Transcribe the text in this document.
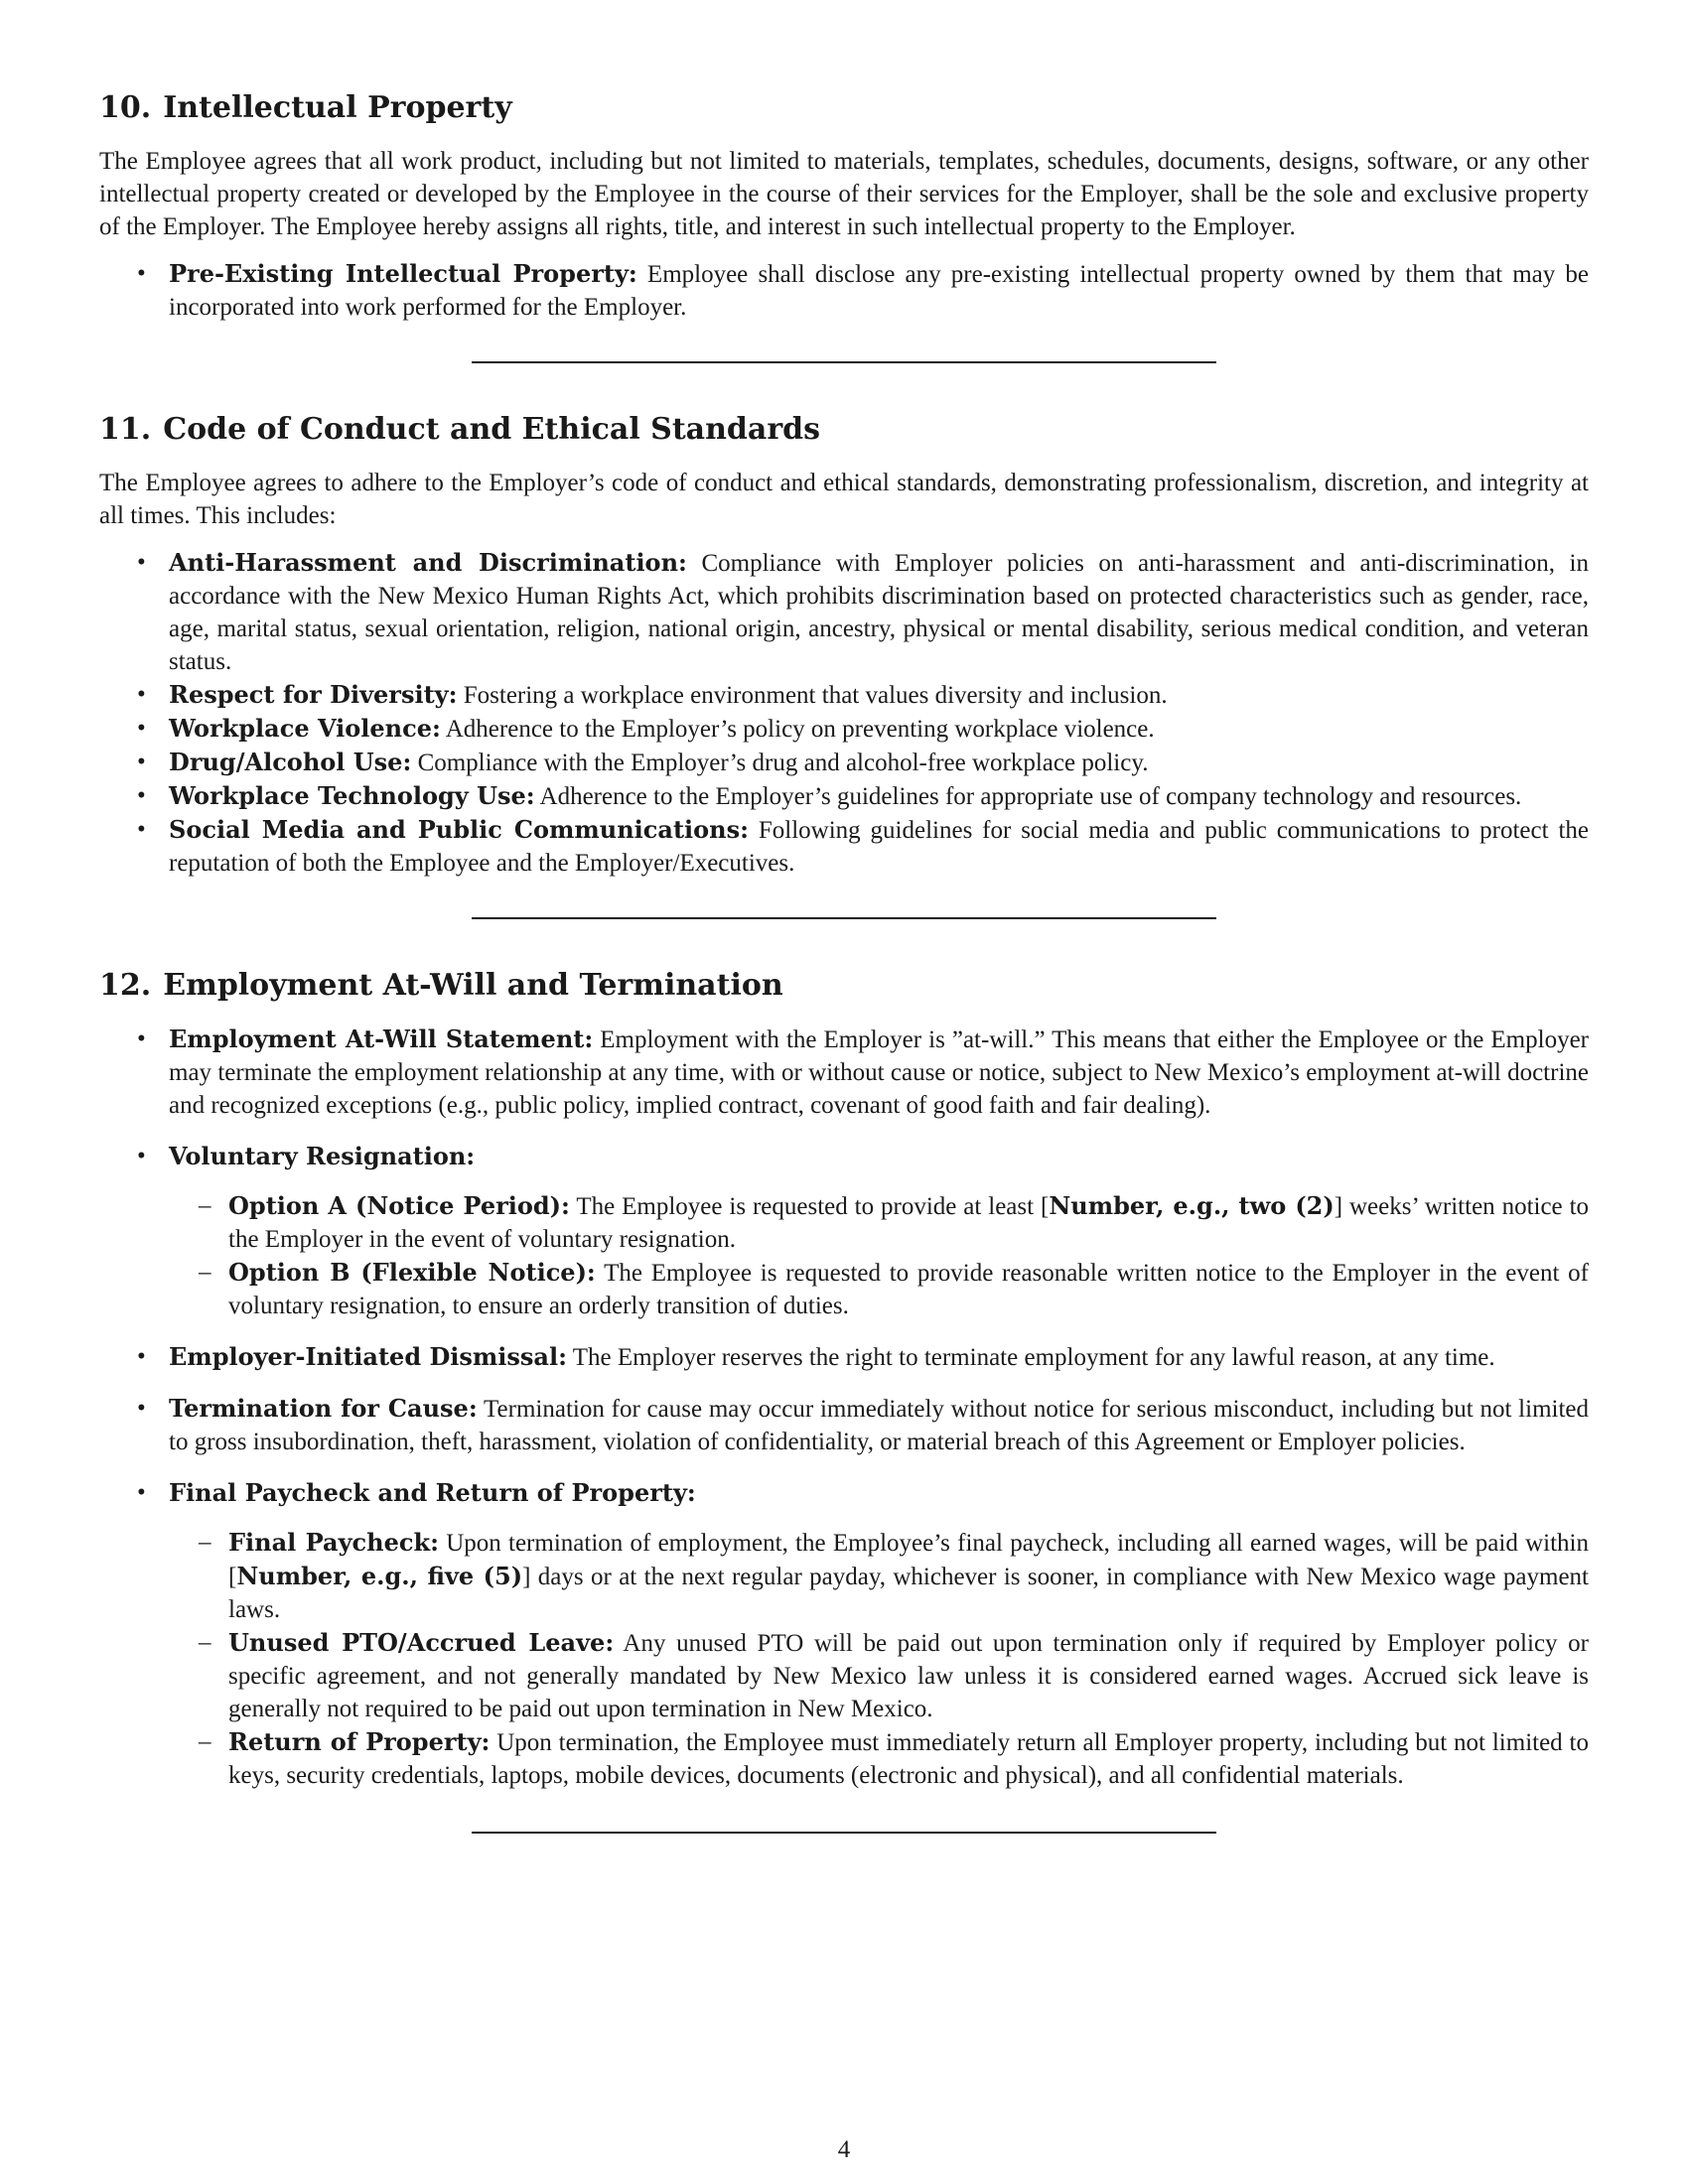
10. Intellectual Property

The Employee agrees that all work product, including but not limited to materials, templates, schedules, documents, designs, software, or any other intellectual property created or developed by the Employee in the course of their services for the Employer, shall be the sole and exclusive property of the Employer. The Employee hereby assigns all rights, title, and interest in such intellectual property to the Employer.

• Pre-Existing Intellectual Property: Employee shall disclose any pre-existing intellectual property owned by them that may be incorporated into work performed for the Employer.
11. Code of Conduct and Ethical Standards

The Employee agrees to adhere to the Employer’s code of conduct and ethical standards, demonstrating professionalism, discretion, and integrity at all times. This includes:

• Anti-Harassment and Discrimination: Compliance with Employer policies on anti-harassment and anti-discrimination, in accordance with the New Mexico Human Rights Act, which prohibits discrimination based on protected characteristics such as gender, race, age, marital status, sexual orientation, religion, national origin, ancestry, physical or mental disability, serious medical condition, and veteran status.
• Respect for Diversity: Fostering a workplace environment that values diversity and inclusion.
• Workplace Violence: Adherence to the Employer’s policy on preventing workplace violence.
• Drug/Alcohol Use: Compliance with the Employer’s drug and alcohol-free workplace policy.
• Workplace Technology Use: Adherence to the Employer’s guidelines for appropriate use of company technology and resources.
• Social Media and Public Communications: Following guidelines for social media and public communications to protect the reputation of both the Employee and the Employer/Executives.
12. Employment At-Will and Termination
• Employment At-Will Statement: Employment with the Employer is ”at-will.” This means that either the Employee or the Employer may terminate the employment relationship at any time, with or without cause or notice, subject to New Mexico’s employment at-will doctrine and recognized exceptions (e.g., public policy, implied contract, covenant of good faith and fair dealing).
• Voluntary Resignation:
– Option A (Notice Period): The Employee is requested to provide at least [Number, e.g., two (2)] weeks’ written notice to the Employer in the event of voluntary resignation.
– Option B (Flexible Notice): The Employee is requested to provide reasonable written notice to the Employer in the event of voluntary resignation, to ensure an orderly transition of duties.
• Employer-Initiated Dismissal: The Employer reserves the right to terminate employment for any lawful reason, at any time.
• Termination for Cause: Termination for cause may occur immediately without notice for serious misconduct, including but not limited to gross insubordination, theft, harassment, violation of confidentiality, or material breach of this Agreement or Employer policies.
• Final Paycheck and Return of Property:
– Final Paycheck: Upon termination of employment, the Employee’s final paycheck, including all earned wages, will be paid within [Number, e.g., five (5)] days or at the next regular payday, whichever is sooner, in compliance with New Mexico wage payment laws.
– Unused PTO/Accrued Leave: Any unused PTO will be paid out upon termination only if required by Employer policy or specific agreement, and not generally mandated by New Mexico law unless it is considered earned wages. Accrued sick leave is generally not required to be paid out upon termination in New Mexico.
– Return of Property: Upon termination, the Employee must immediately return all Employer property, including but not limited to keys, security credentials, laptops, mobile devices, documents (electronic and physical), and all confidential materials.
4
